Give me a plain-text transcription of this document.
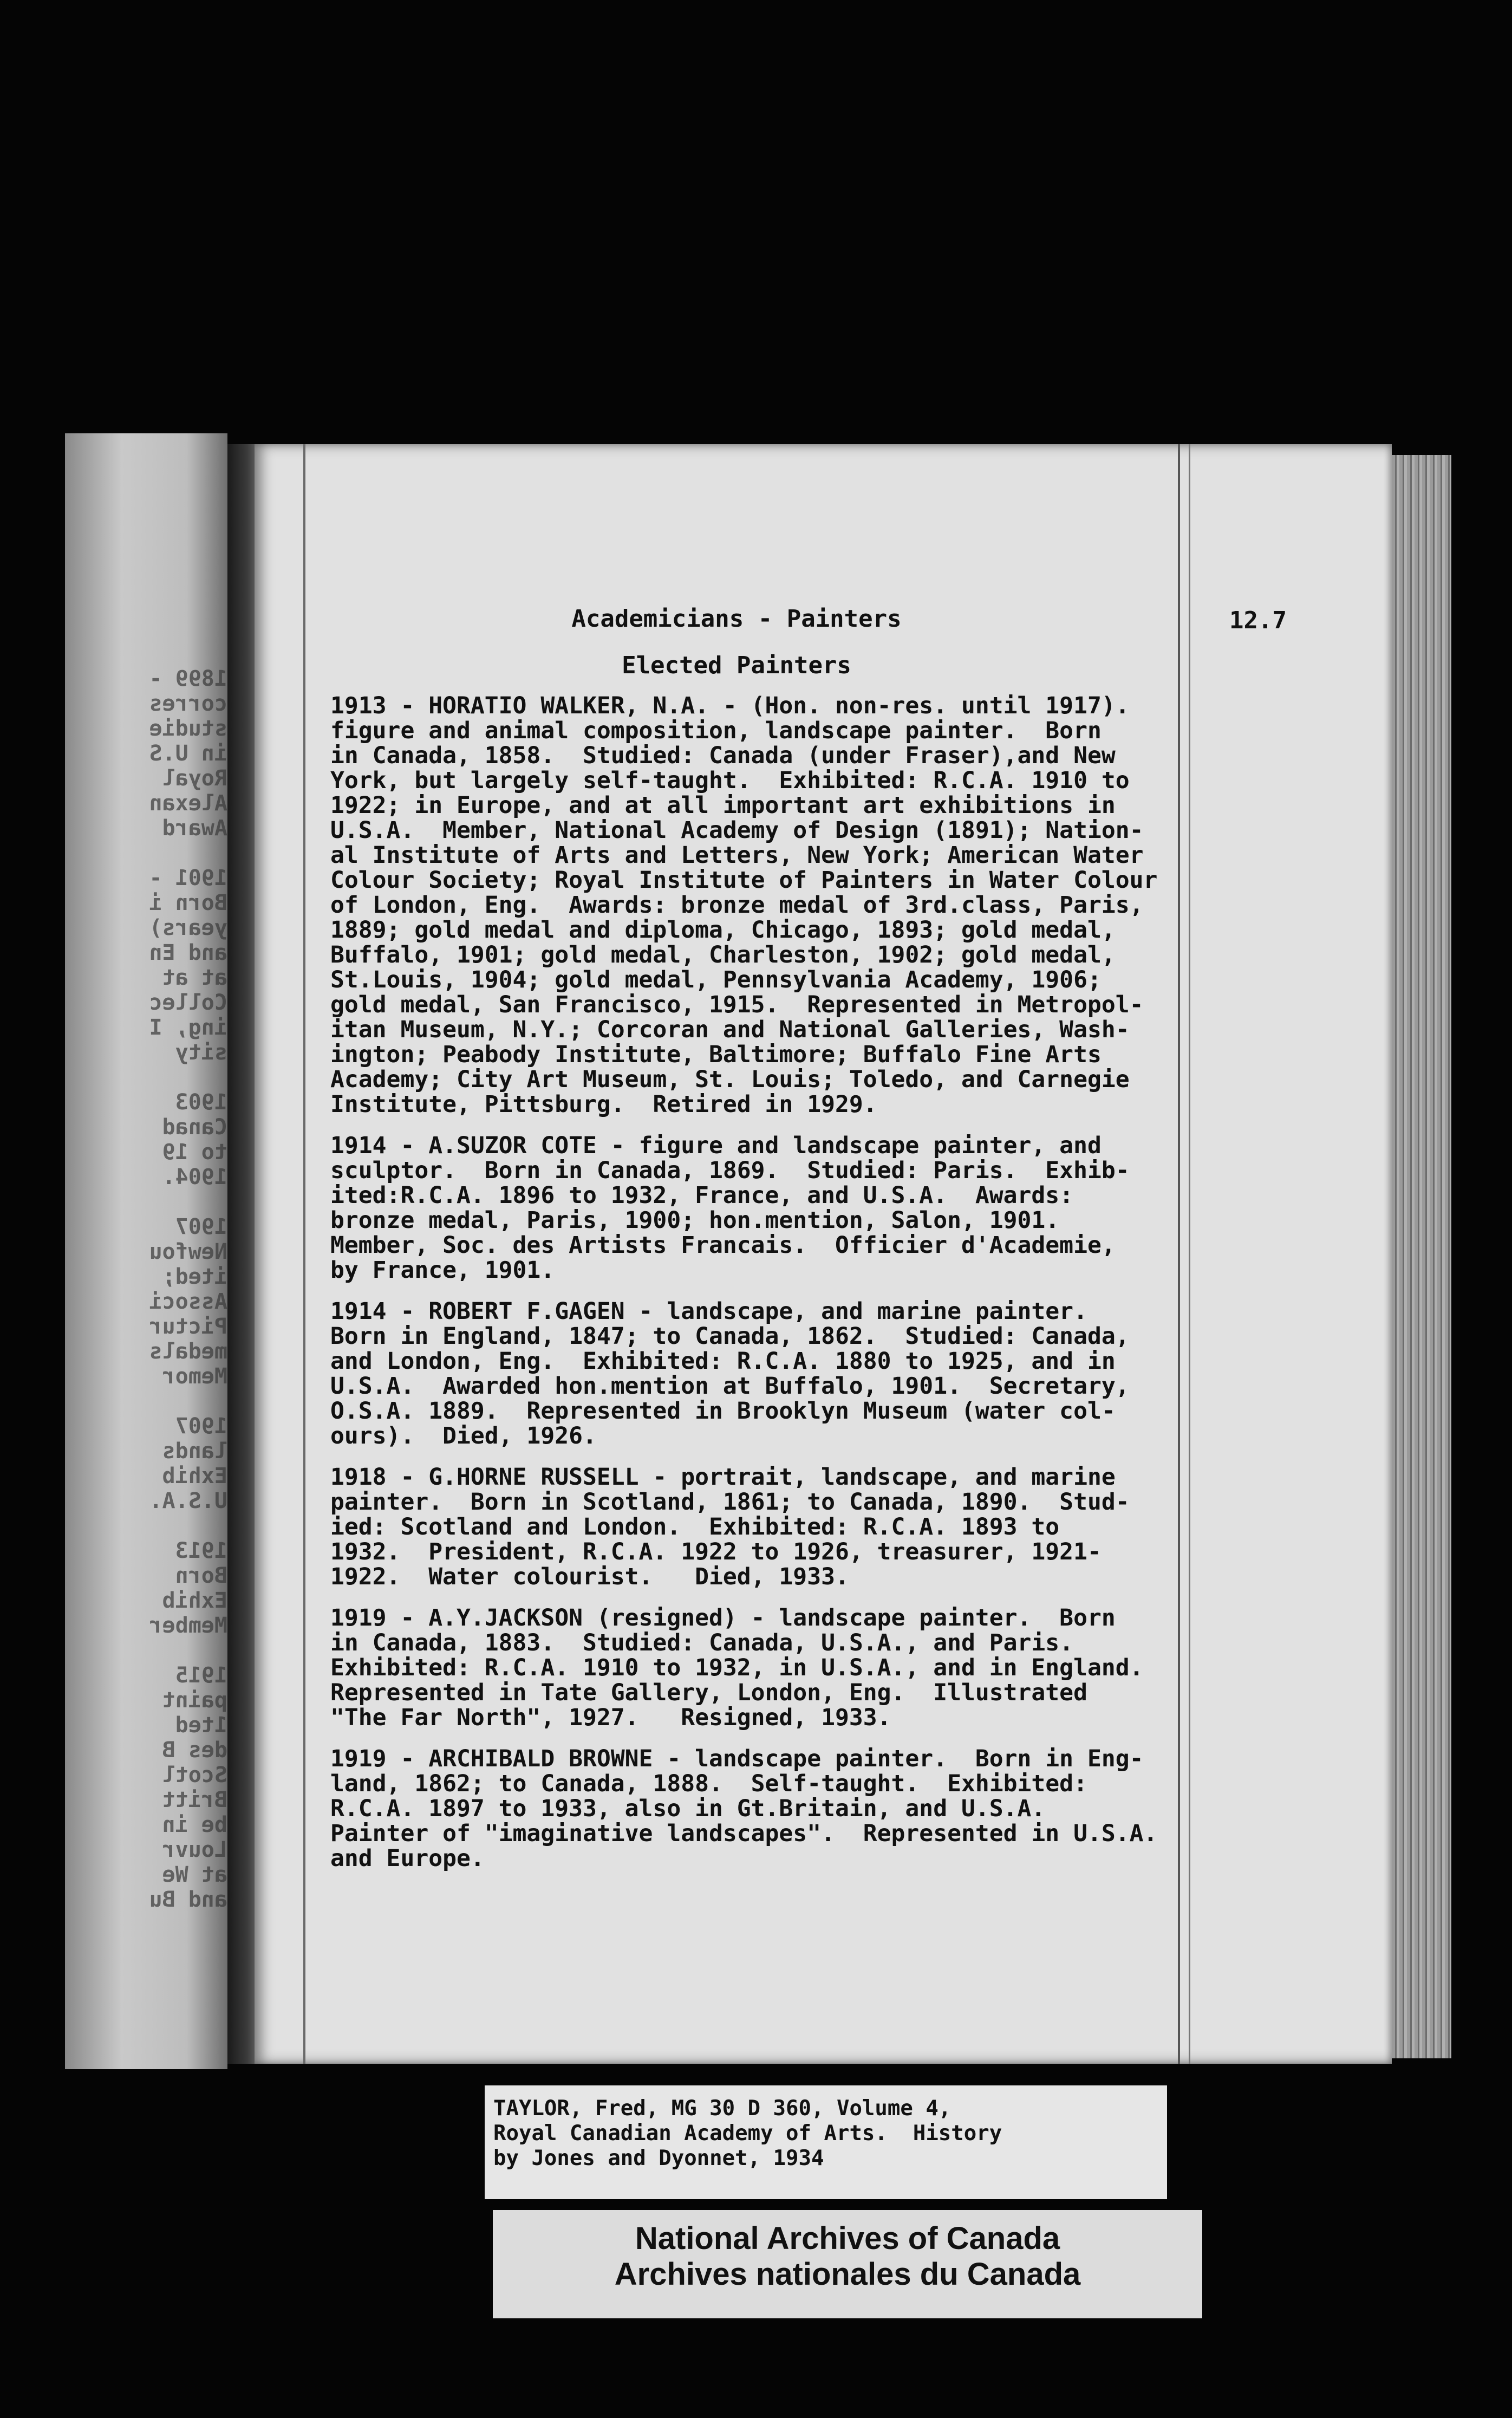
1899 -
corres
studie
in U.S
Royal
Alexan
Award

1901 -
Born i
years)
and En
at at
Collec
ing, I
sity

1903
Canad
to 19
1904.

1907
Newfou
ited;
Associ
Pictur
medals
Memor

1907
lands
Exhib
U.S.A.

1913
Born
Exhib
Member

1915
paint
1ted
des B
Scotl
Britt
be in
Louvr
at We
and Bu
Academicians - Painters
Elected Painters
1913 - HORATIO WALKER, N.A. - (Hon. non-res. until 1917).
figure and animal composition, landscape painter.  Born
in Canada, 1858.  Studied: Canada (under Fraser),and New
York, but largely self-taught.  Exhibited: R.C.A. 1910 to
1922; in Europe, and at all important art exhibitions in
U.S.A.  Member, National Academy of Design (1891); Nation-
al Institute of Arts and Letters, New York; American Water
Colour Society; Royal Institute of Painters in Water Colour
of London, Eng.  Awards: bronze medal of 3rd.class, Paris,
1889; gold medal and diploma, Chicago, 1893; gold medal,
Buffalo, 1901; gold medal, Charleston, 1902; gold medal,
St.Louis, 1904; gold medal, Pennsylvania Academy, 1906;
gold medal, San Francisco, 1915.  Represented in Metropol-
itan Museum, N.Y.; Corcoran and National Galleries, Wash-
ington; Peabody Institute, Baltimore; Buffalo Fine Arts
Academy; City Art Museum, St. Louis; Toledo, and Carnegie
Institute, Pittsburg.  Retired in 1929.
1914 - A.SUZOR COTE - figure and landscape painter, and
sculptor.  Born in Canada, 1869.  Studied: Paris.  Exhib-
ited:R.C.A. 1896 to 1932, France, and U.S.A.  Awards:
bronze medal, Paris, 1900; hon.mention, Salon, 1901.
Member, Soc. des Artists Francais.  Officier d'Academie,
by France, 1901.
1914 - ROBERT F.GAGEN - landscape, and marine painter.
Born in England, 1847; to Canada, 1862.  Studied: Canada,
and London, Eng.  Exhibited: R.C.A. 1880 to 1925, and in
U.S.A.  Awarded hon.mention at Buffalo, 1901.  Secretary,
O.S.A. 1889.  Represented in Brooklyn Museum (water col-
ours).  Died, 1926.
1918 - G.HORNE RUSSELL - portrait, landscape, and marine
painter.  Born in Scotland, 1861; to Canada, 1890.  Stud-
ied: Scotland and London.  Exhibited: R.C.A. 1893 to
1932.  President, R.C.A. 1922 to 1926, treasurer, 1921-
1922.  Water colourist.   Died, 1933.
1919 - A.Y.JACKSON (resigned) - landscape painter.  Born
in Canada, 1883.  Studied: Canada, U.S.A., and Paris.
Exhibited: R.C.A. 1910 to 1932, in U.S.A., and in England.
Represented in Tate Gallery, London, Eng.  Illustrated
"The Far North", 1927.   Resigned, 1933.
1919 - ARCHIBALD BROWNE - landscape painter.  Born in Eng-
land, 1862; to Canada, 1888.  Self-taught.  Exhibited:
R.C.A. 1897 to 1933, also in Gt.Britain, and U.S.A.
Painter of "imaginative landscapes".  Represented in U.S.A.
and Europe.
12.7
TAYLOR, Fred, MG 30 D 360, Volume 4,
Royal Canadian Academy of Arts.  History
by Jones and Dyonnet, 1934
National Archives of Canada
Archives nationales du Canada
